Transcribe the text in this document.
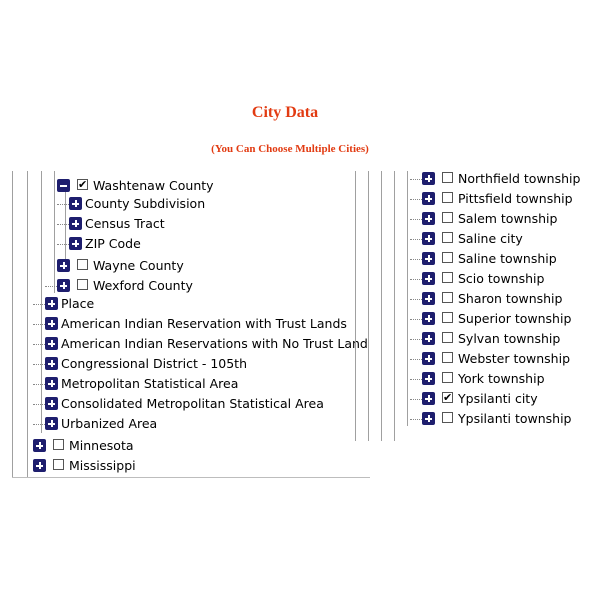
City Data
(You Can Choose Multiple Cities)
✔ Washtenaw County
County Subdivision
Census Tract
ZIP Code
Wayne County
Wexford County
Place
American Indian Reservation with Trust Lands
American Indian Reservations with No Trust Land
Congressional District - 105th
Metropolitan Statistical Area
Consolidated Metropolitan Statistical Area
Urbanized Area
Minnesota
Mississippi
Northfield township
Pittsfield township
Salem township
Saline city
Saline township
Scio township
Sharon township
Superior township
Sylvan township
Webster township
York township
✔ Ypsilanti city
Ypsilanti township
